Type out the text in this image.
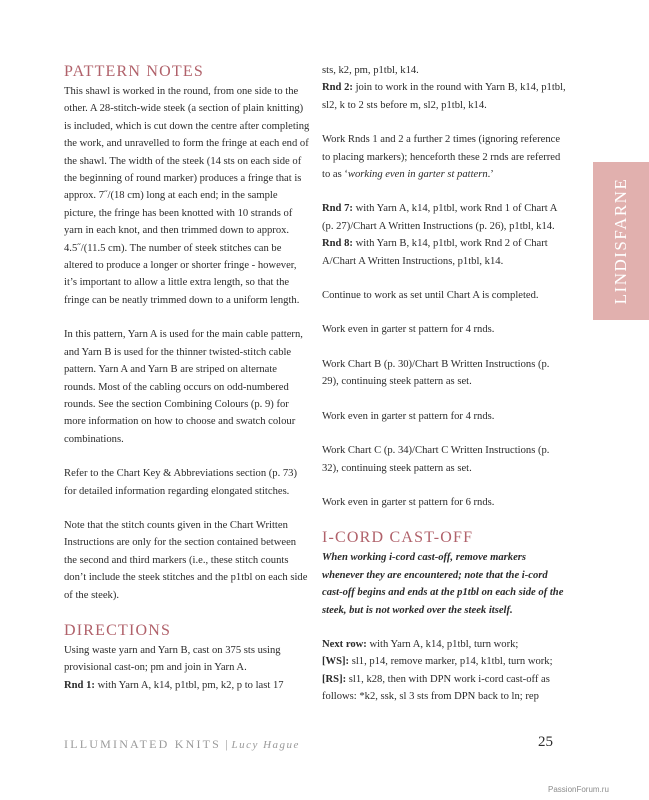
PATTERN NOTES

This shawl is worked in the round, from one side to the other. A 28-stitch-wide steek (a section of plain knitting) is included, which is cut down the centre after completing the work, and unravelled to form the fringe at each end of the shawl. The width of the steek (14 sts on each side of the beginning of round marker) produces a fringe that is approx. 7˝/(18 cm) long at each end; in the sample picture, the fringe has been knotted with 10 strands of yarn in each knot, and then trimmed down to approx. 4.5˝/(11.5 cm). The number of steek stitches can be altered to produce a longer or shorter fringe - however, it’s important to allow a little extra length, so that the fringe can be neatly trimmed down to a uniform length.

In this pattern, Yarn A is used for the main cable pattern, and Yarn B is used for the thinner twisted-stitch cable pattern. Yarn A and Yarn B are striped on alternate rounds. Most of the cabling occurs on odd-numbered rounds. See the section Combining Colours (p. 9) for more information on how to choose and swatch colour combinations.

Refer to the Chart Key & Abbreviations section (p. 73) for detailed information regarding elongated stitches.

Note that the stitch counts given in the Chart Written Instructions are only for the section contained between the second and third markers (i.e., these stitch counts don’t include the steek stitches and the p1tbl on each side of the steek).

DIRECTIONS

Using waste yarn and Yarn B, cast on 375 sts using provisional cast-on; pm and join in Yarn A.

Rnd 1: with Yarn A, k14, p1tbl, pm, k2, p to last 17

sts, k2, pm, p1tbl, k14.

Rnd 2: join to work in the round with Yarn B, k14, p1tbl, sl2, k to 2 sts before m, sl2, p1tbl, k14.

Work Rnds 1 and 2 a further 2 times (ignoring reference to placing markers); henceforth these 2 rnds are referred to as ‘working even in garter st pattern.’

Rnd 7: with Yarn A, k14, p1tbl, work Rnd 1 of Chart A (p. 27)/Chart A Written Instructions (p. 26), p1tbl, k14.

Rnd 8: with Yarn B, k14, p1tbl, work Rnd 2 of Chart A/Chart A Written Instructions, p1tbl, k14.

Continue to work as set until Chart A is completed.

Work even in garter st pattern for 4 rnds.

Work Chart B (p. 30)/Chart B Written Instructions (p. 29), continuing steek pattern as set.

Work even in garter st pattern for 4 rnds.

Work Chart C (p. 34)/Chart C Written Instructions (p. 32), continuing steek pattern as set.

Work even in garter st pattern for 6 rnds.

I-CORD CAST-OFF

When working i-cord cast-off, remove markers whenever they are encountered; note that the i-cord cast-off begins and ends at the p1tbl on each side of the steek, but is not worked over the steek itself.

Next row: with Yarn A, k14, p1tbl, turn work;

[WS]: sl1, p14, remove marker, p14, k1tbl, turn work;

[RS]: sl1, k28, then with DPN work i-cord cast-off as follows: *k2, ssk, sl 3 sts from DPN back to ln; rep

LINDISFARNE
ILLUMINATED KNITS | Lucy Hague	25
PassionForum.ru
